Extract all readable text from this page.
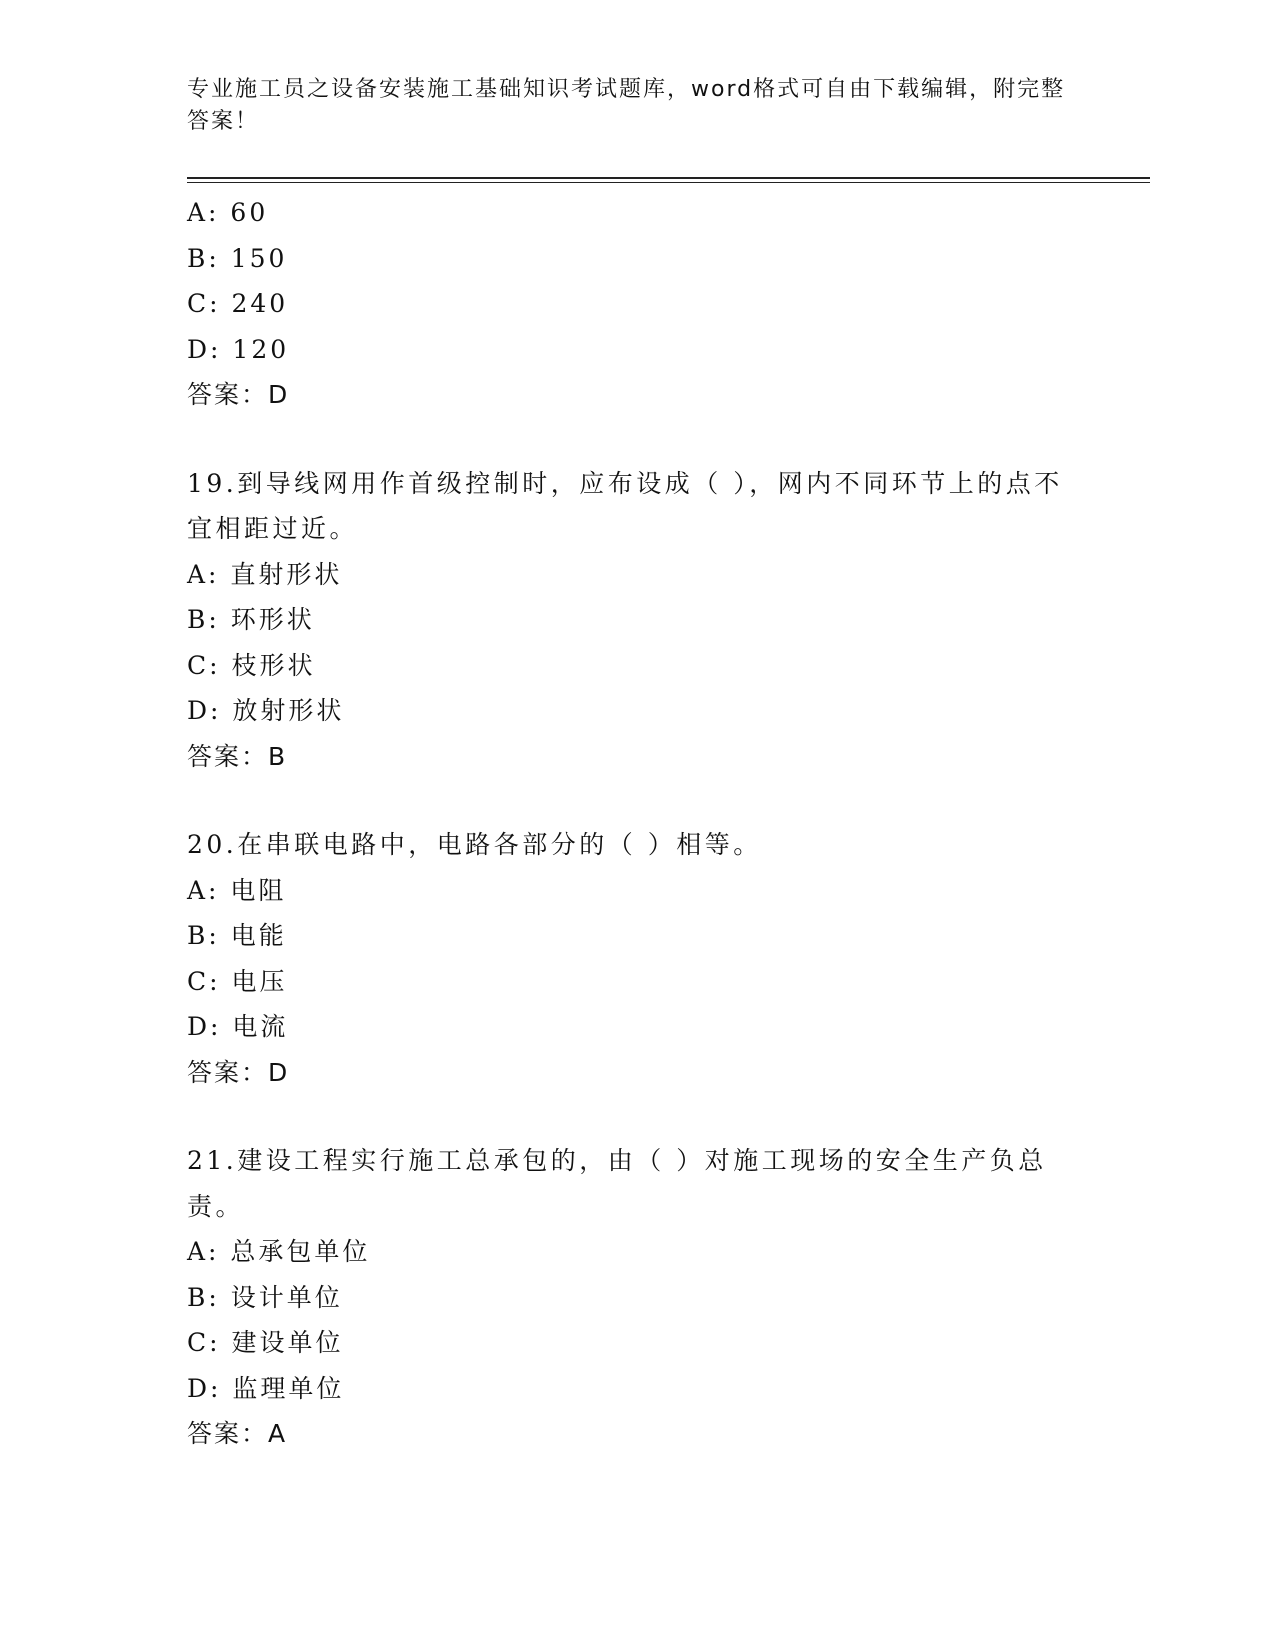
专业施工员之设备安装施工基础知识考试题库，word格式可自由下载编辑，附完整答案！
A: 60
B: 150
C: 240
D: 120
答案：D
19.到导线网用作首级控制时，应布设成（ ），网内不同环节上的点不宜相距过近。
A: 直射形状
B: 环形状
C: 枝形状
D: 放射形状
答案：B
20.在串联电路中，电路各部分的（ ）相等。
A: 电阻
B: 电能
C: 电压
D: 电流
答案：D
21.建设工程实行施工总承包的，由（ ）对施工现场的安全生产负总责。
A: 总承包单位
B: 设计单位
C: 建设单位
D: 监理单位
答案：A
